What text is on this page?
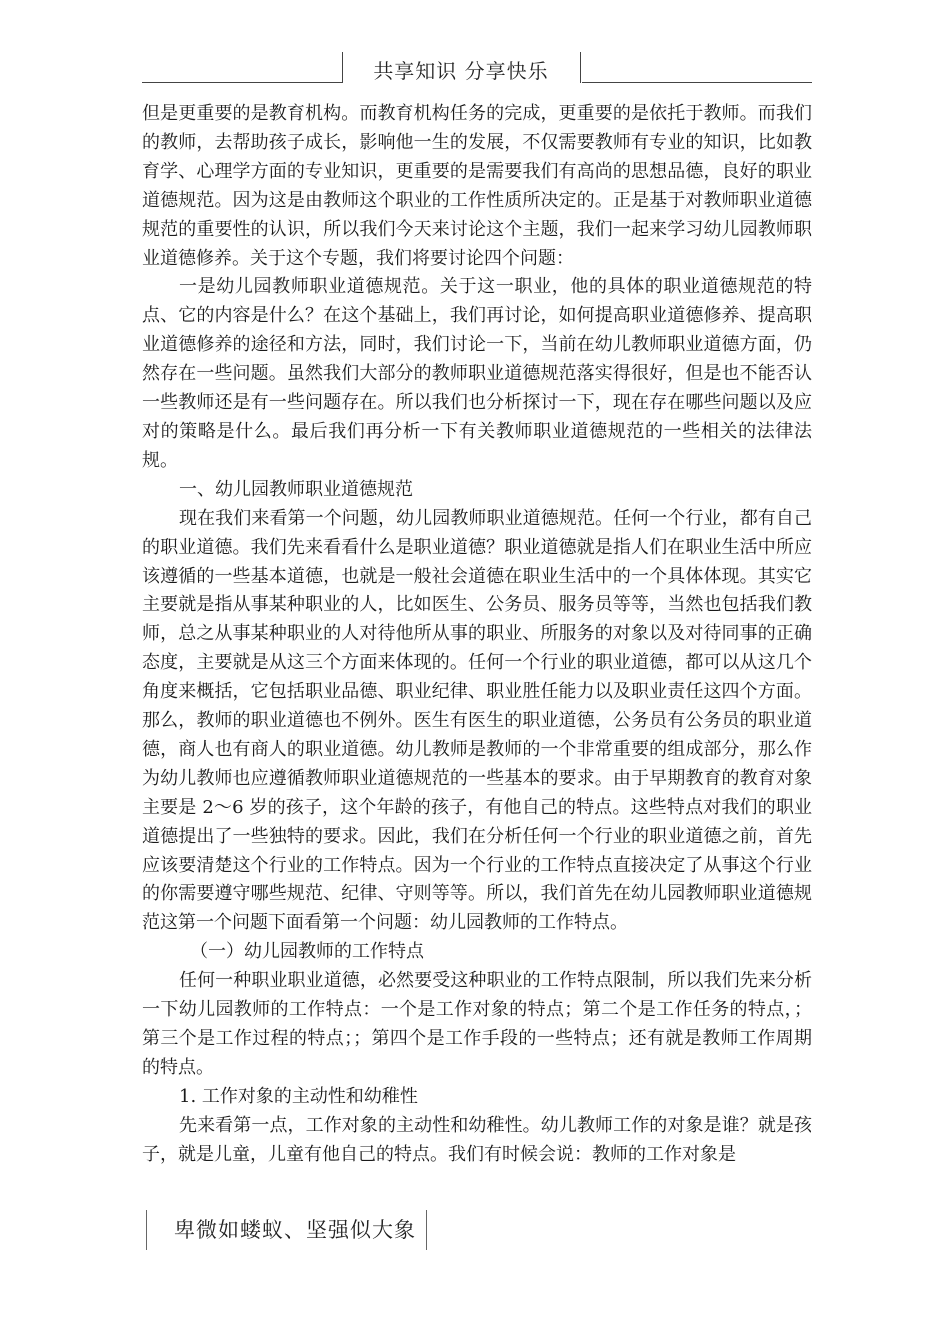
共享知识 分享快乐

但是更重要的是教育机构。而教育机构任务的完成，更重要的是依托于教师。而我们的教师，去帮助孩子成长，影响他一生的发展，不仅需要教师有专业的知识，比如教育学、心理学方面的专业知识，更重要的是需要我们有高尚的思想品德，良好的职业道德规范。因为这是由教师这个职业的工作性质所决定的。正是基于对教师职业道德规范的重要性的认识，所以我们今天来讨论这个主题，我们一起来学习幼儿园教师职业道德修养。关于这个专题，我们将要讨论四个问题：

一是幼儿园教师职业道德规范。关于这一职业，他的具体的职业道德规范的特点、它的内容是什么？在这个基础上，我们再讨论，如何提高职业道德修养、提高职业道德修养的途径和方法，同时，我们讨论一下，当前在幼儿教师职业道德方面，仍然存在一些问题。虽然我们大部分的教师职业道德规范落实得很好，但是也不能否认一些教师还是有一些问题存在。所以我们也分析探讨一下，现在存在哪些问题以及应对的策略是什么。最后我们再分析一下有关教师职业道德规范的一些相关的法律法规。

一、幼儿园教师职业道德规范

现在我们来看第一个问题，幼儿园教师职业道德规范。任何一个行业，都有自己的职业道德。我们先来看看什么是职业道德？职业道德就是指人们在职业生活中所应该遵循的一些基本道德，也就是一般社会道德在职业生活中的一个具体体现。其实它主要就是指从事某种职业的人，比如医生、公务员、服务员等等，当然也包括我们教师，总之从事某种职业的人对待他所从事的职业、所服务的对象以及对待同事的正确态度，主要就是从这三个方面来体现的。任何一个行业的职业道德，都可以从这几个角度来概括，它包括职业品德、职业纪律、职业胜任能力以及职业责任这四个方面。那么，教师的职业道德也不例外。医生有医生的职业道德，公务员有公务员的职业道德，商人也有商人的职业道德。幼儿教师是教师的一个非常重要的组成部分，那么作为幼儿教师也应遵循教师职业道德规范的一些基本的要求。由于早期教育的教育对象主要是 2～6 岁的孩子，这个年龄的孩子，有他自己的特点。这些特点对我们的职业道德提出了一些独特的要求。因此，我们在分析任何一个行业的职业道德之前，首先应该要清楚这个行业的工作特点。因为一个行业的工作特点直接决定了从事这个行业的你需要遵守哪些规范、纪律、守则等等。所以，我们首先在幼儿园教师职业道德规范这第一个问题下面看第一个问题：幼儿园教师的工作特点。

（一）幼儿园教师的工作特点

任何一种职业职业道德，必然要受这种职业的工作特点限制，所以我们先来分析一下幼儿园教师的工作特点：一个是工作对象的特点；第二个是工作任务的特点，；第三个是工作过程的特点；；第四个是工作手段的一些特点；还有就是教师工作周期的特点。

1. 工作对象的主动性和幼稚性

先来看第一点，工作对象的主动性和幼稚性。幼儿教师工作的对象是谁？就是孩子，就是儿童，儿童有他自己的特点。我们有时候会说：教师的工作对象是

卑微如蝼蚁、坚强似大象
